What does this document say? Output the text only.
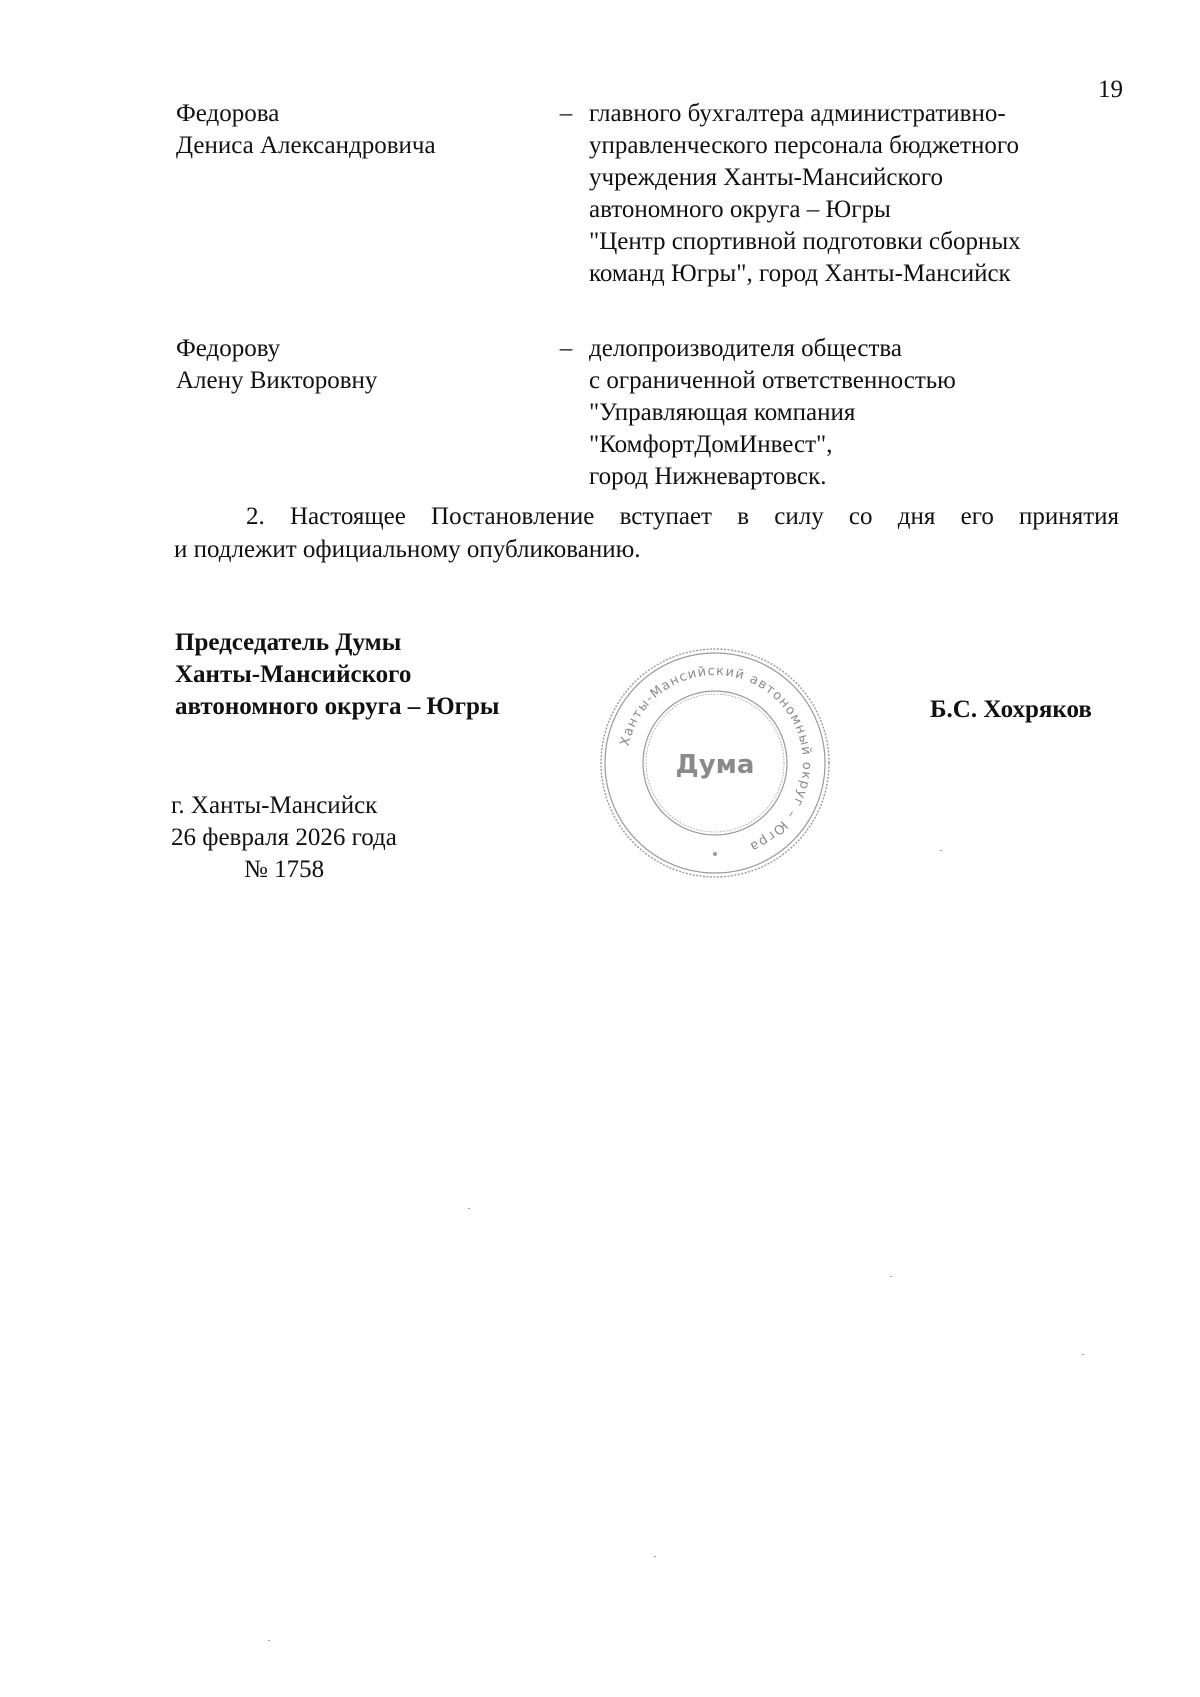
19
Федорова
Дениса Александровича
– главного бухгалтера административно-
управленческого персонала бюджетного
учреждения Ханты-Мансийского
автономного округа – Югры
"Центр спортивной подготовки сборных
команд Югры", город Ханты-Мансийск
Федорову
Алену Викторовну
– делопроизводителя общества
с ограниченной ответственностью
"Управляющая компания
"КомфортДомИнвест",
город Нижневартовск.
2. Настоящее Постановление вступает в силу со дня его принятия
и подлежит официальному опубликованию.
Председатель Думы
Ханты-Мансийского
автономного округа – Югры
Ханты-Мансийский автономный округ – Югра
Дума
Б.С. Хохряков
г. Ханты-Мансийск
26 февраля 2026 года
№ 1758
